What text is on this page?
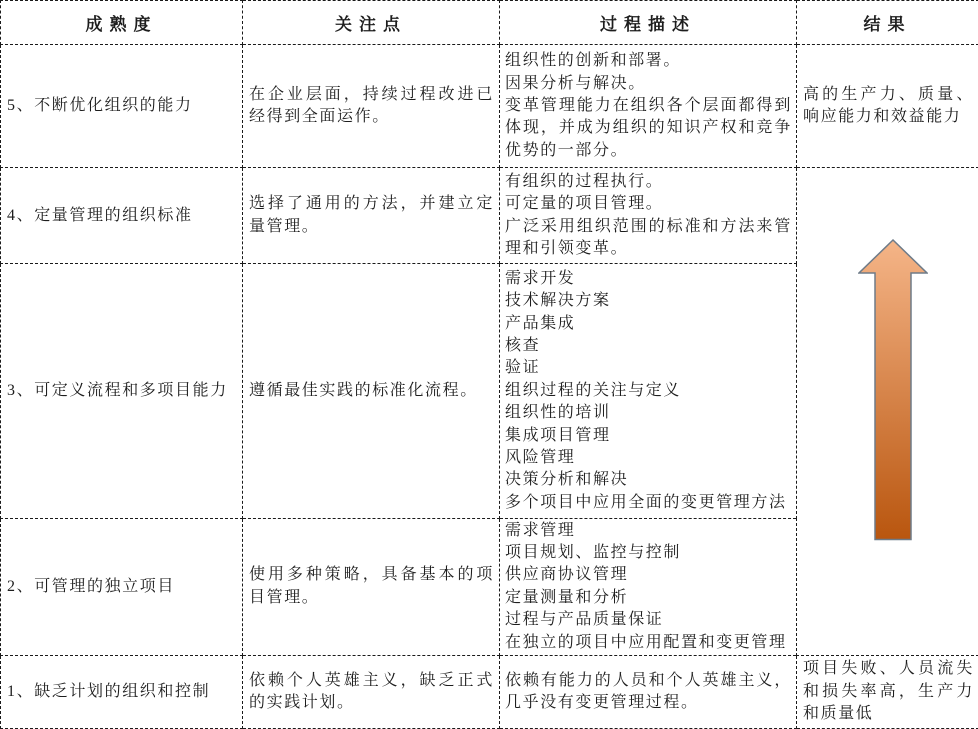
成熟度	关注点	过程描述	结果
5、不断优化组织的能力	在企业层面，持续过程改进已经得到全面运作。	组织性的创新和部署。
因果分析与解决。
变革管理能力在组织各个层面都得到体现，并成为组织的知识产权和竞争优势的一部分。	高的生产力、质量、响应能力和效益能力
4、定量管理的组织标准	选择了通用的方法，并建立定量管理。	有组织的过程执行。
可定量的项目管理。
广泛采用组织范围的标准和方法来管理和引领变革。

3、可定义流程和多项目能力	遵循最佳实践的标准化流程。	
需求开发
技术解决方案
产品集成
核查
验证
组织过程的关注与定义
组织性的培训
集成项目管理
风险管理
决策分析和解决
多个项目中应用全面的变更管理方法

2、可管理的独立项目	使用多种策略，具备基本的项目管理。	
需求管理
项目规划、监控与控制
供应商协议管理
定量测量和分析
过程与产品质量保证
在独立的项目中应用配置和变更管理

1、缺乏计划的组织和控制	依赖个人英雄主义，缺乏正式的实践计划。	依赖有能力的人员和个人英雄主义，几乎没有变更管理过程。	项目失败、人员流失和损失率高，生产力和质量低
